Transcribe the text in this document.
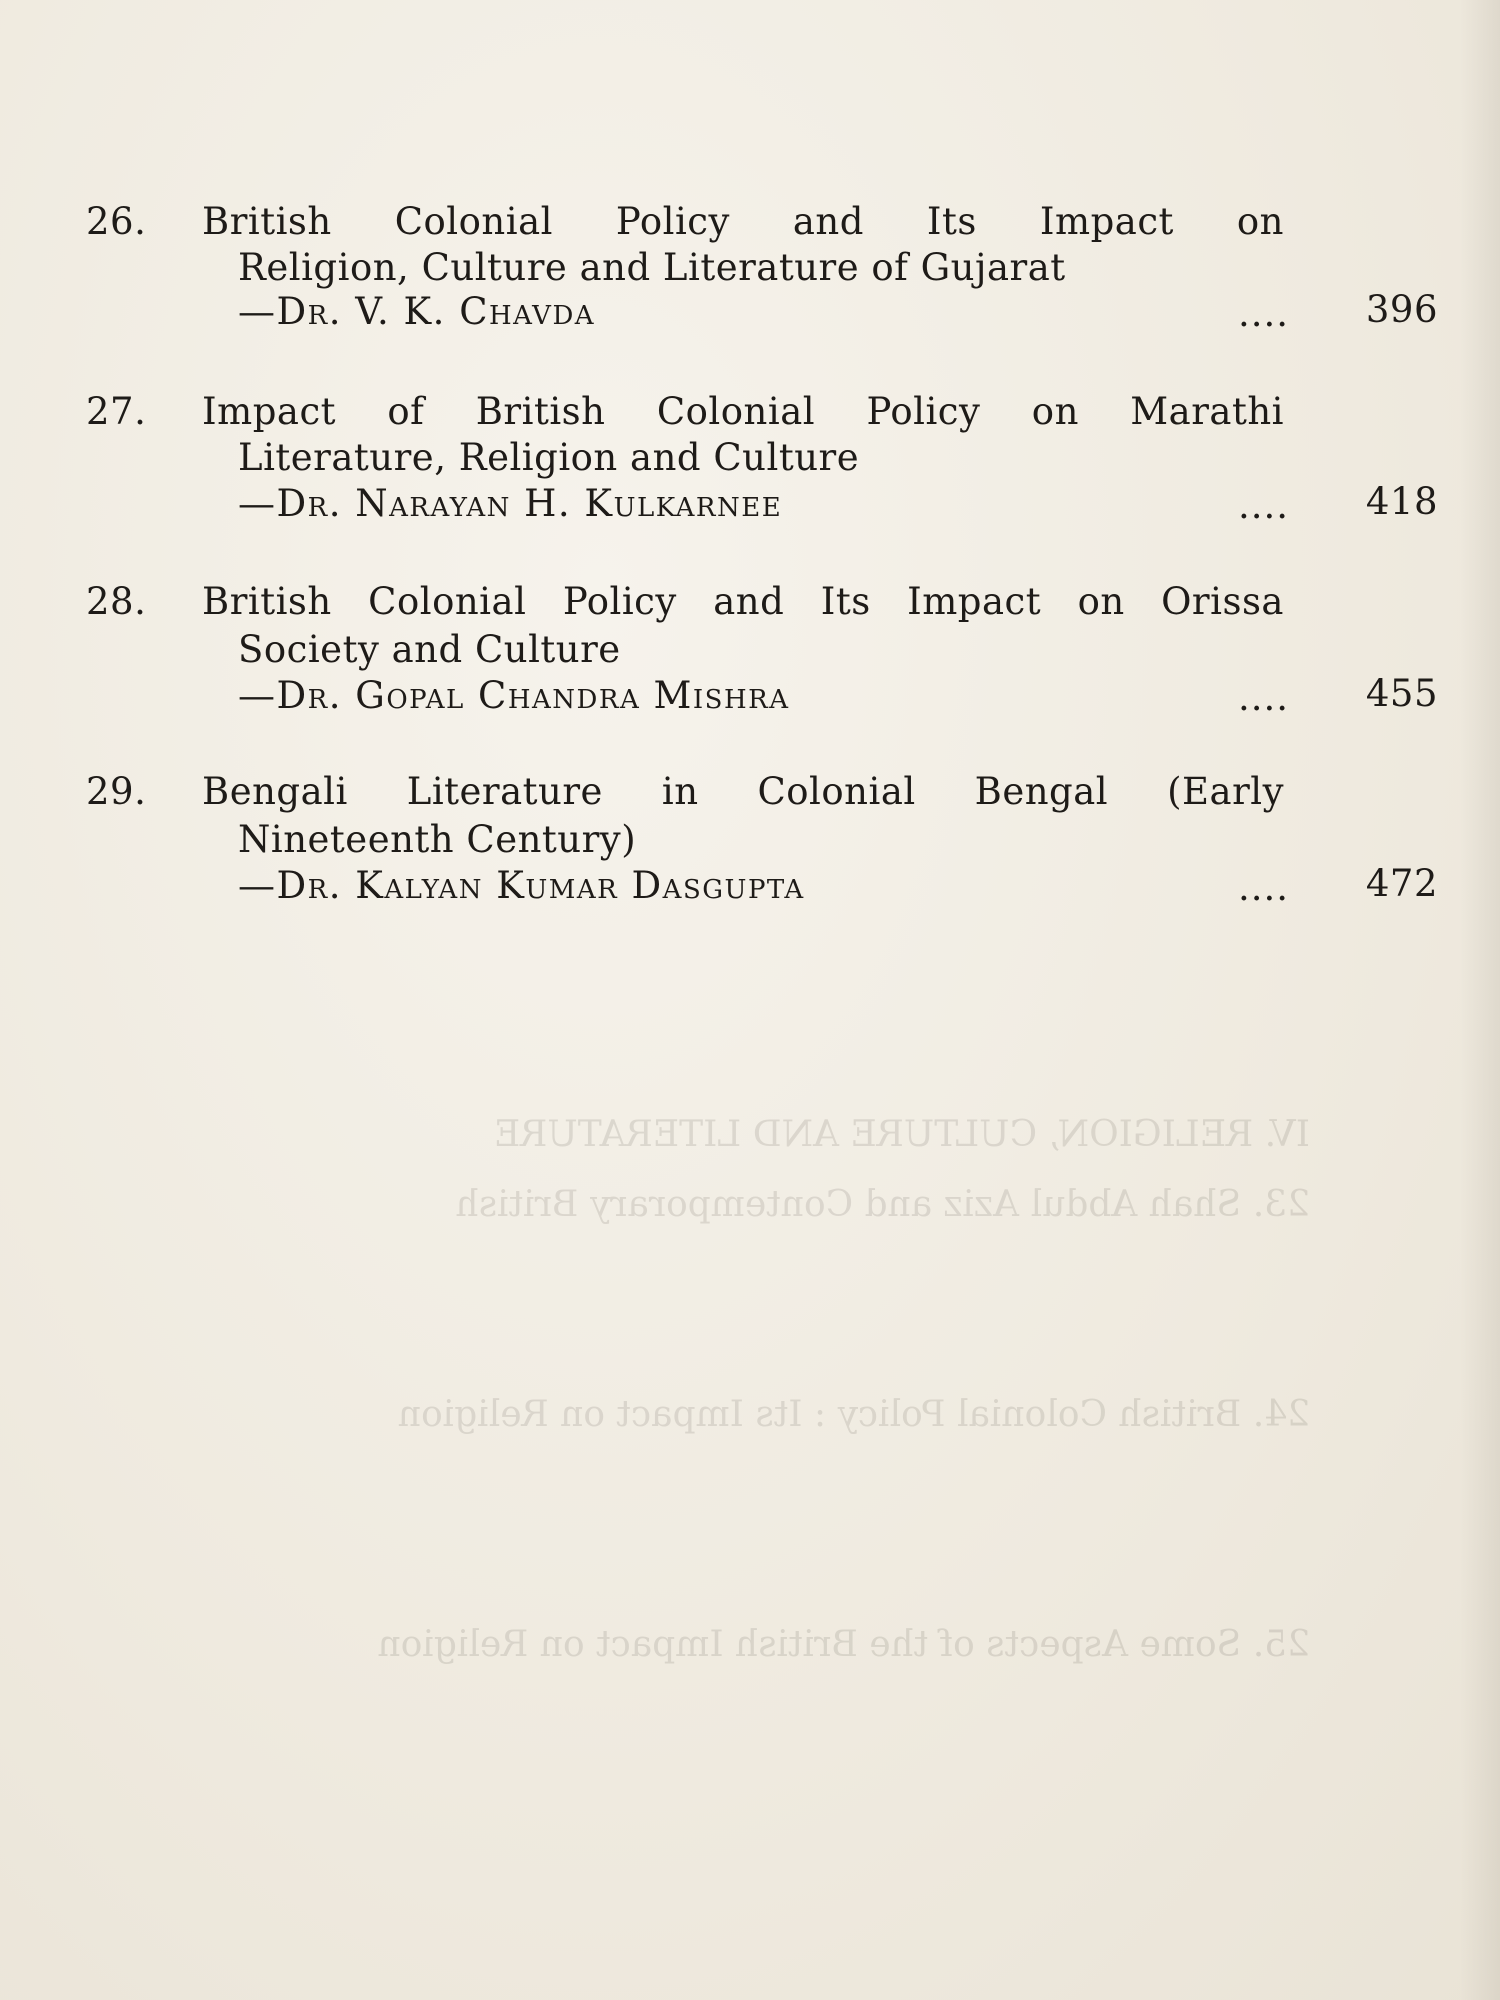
IV. RELIGION, CULTURE AND LITERATURE
23. Shah Abdul Aziz and Contemporary British
24. British Colonial Policy : Its Impact on Religion
25. Some Aspects of the British Impact on Religion
26. British Colonial Policy and Its Impact on
Religion, Culture and Literature of Gujarat
—Dr. V. K. Chavda	.... 396
27. Impact of British Colonial Policy on Marathi
Literature, Religion and Culture
—Dr. Narayan H. Kulkarnee	.... 418
28. British Colonial Policy and Its Impact on Orissa
Society and Culture
—Dr. Gopal Chandra Mishra	.... 455
29. Bengali Literature in Colonial Bengal (Early
Nineteenth Century)
—Dr. Kalyan Kumar Dasgupta	.... 472
